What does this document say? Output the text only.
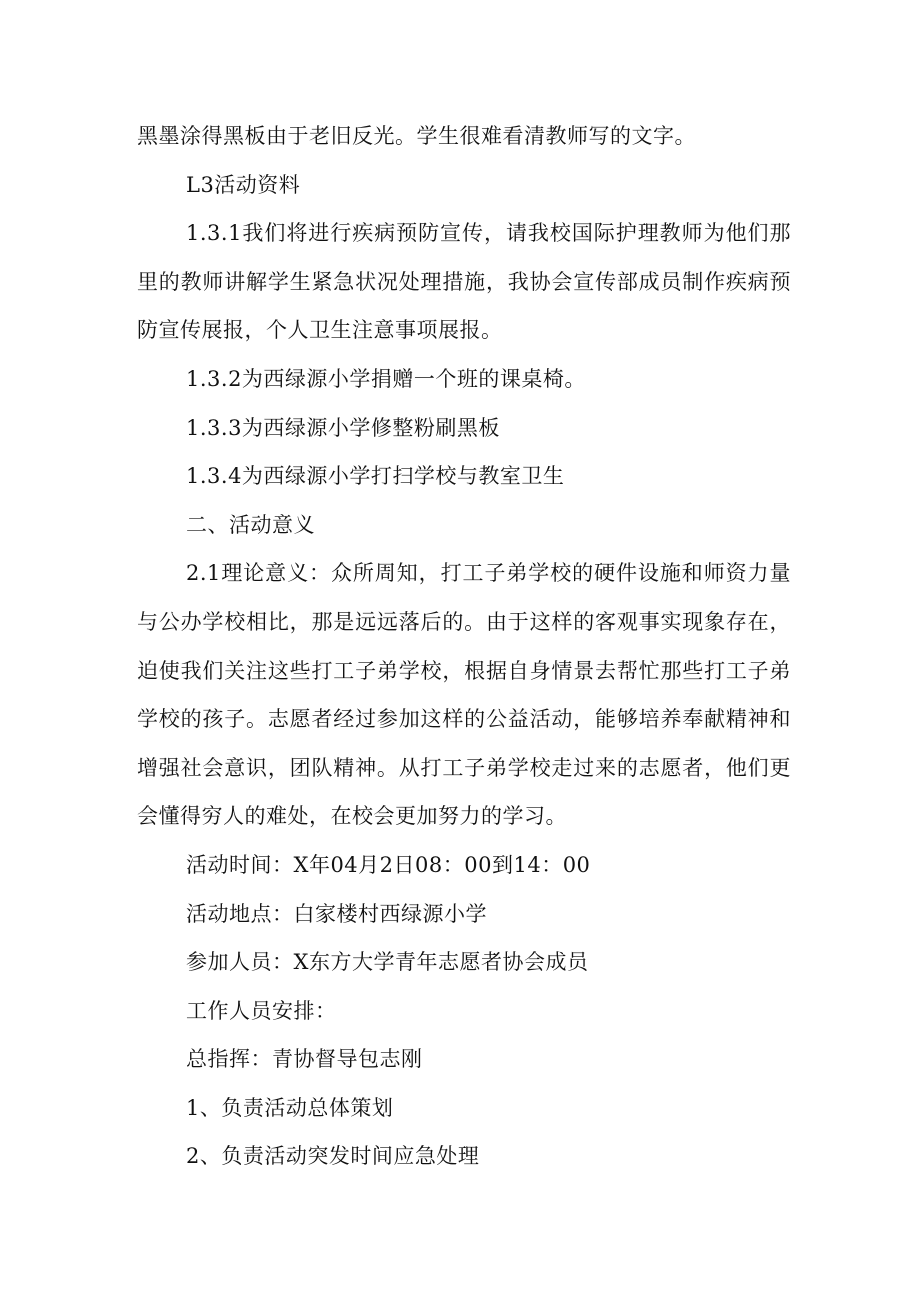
黑墨涂得黑板由于老旧反光。学生很难看清教师写的文字。

L3活动资料

1.3.1我们将进行疾病预防宣传，请我校国际护理教师为他们那里的教师讲解学生紧急状况处理措施，我协会宣传部成员制作疾病预防宣传展报，个人卫生注意事项展报。

1.3.2为西绿源小学捐赠一个班的课桌椅。

1.3.3为西绿源小学修整粉刷黑板

1.3.4为西绿源小学打扫学校与教室卫生

二、活动意义

2.1理论意义：众所周知，打工子弟学校的硬件设施和师资力量与公办学校相比，那是远远落后的。由于这样的客观事实现象存在，迫使我们关注这些打工子弟学校，根据自身情景去帮忙那些打工子弟学校的孩子。志愿者经过参加这样的公益活动，能够培养奉献精神和增强社会意识，团队精神。从打工子弟学校走过来的志愿者，他们更会懂得穷人的难处，在校会更加努力的学习。

活动时间：X年04月2日08：00到14：00

活动地点：白家楼村西绿源小学

参加人员：X东方大学青年志愿者协会成员

工作人员安排：

总指挥：青协督导包志刚

1、负责活动总体策划

2、负责活动突发时间应急处理
